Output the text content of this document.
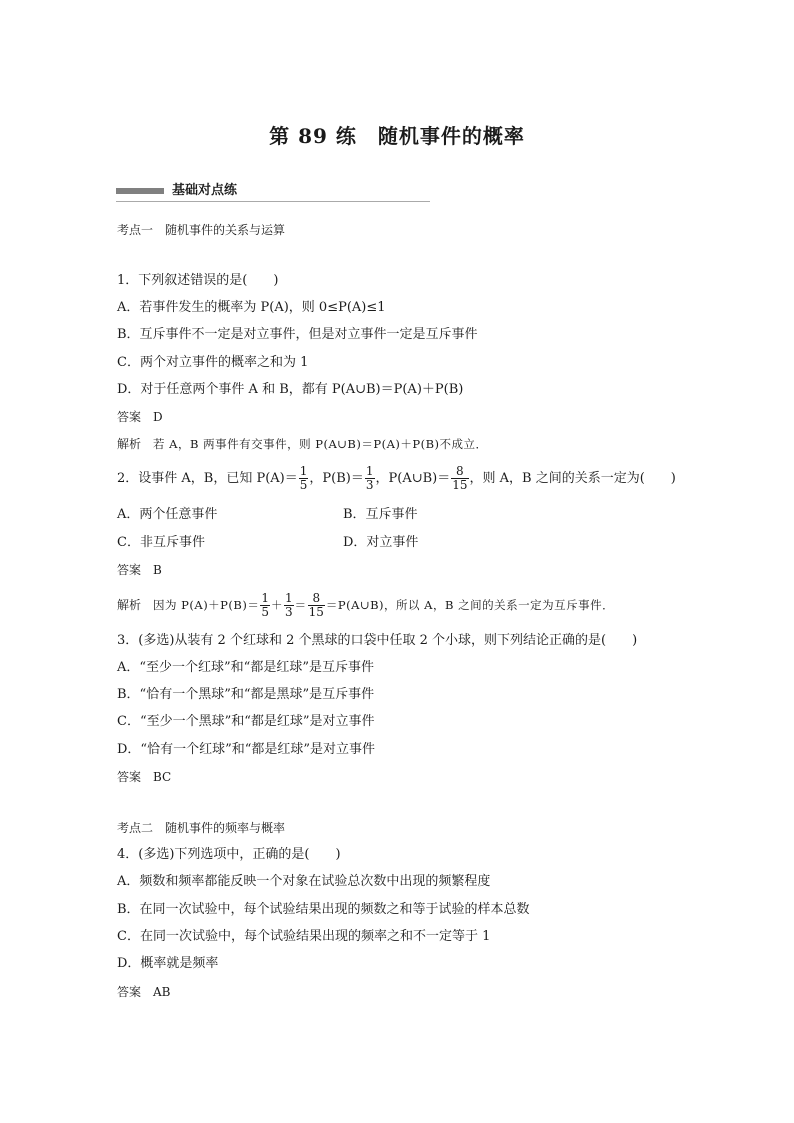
第 89 练　随机事件的概率
基础对点练
考点一　随机事件的关系与运算
1．下列叙述错误的是(　　)
A．若事件发生的概率为 P(A)，则 0≤P(A)≤1
B．互斥事件不一定是对立事件，但是对立事件一定是互斥事件
C．两个对立事件的概率之和为 1
D．对于任意两个事件 A 和 B，都有 P(A∪B)＝P(A)＋P(B)
答案 D
解析 若 A，B 两事件有交事件，则 P(A∪B)＝P(A)＋P(B)不成立．
2．设事件 A，B，已知 $P(A)= \frac{1}{5}$ ，$P(B)= \frac{1}{3}$ ，P(A∪B)＝ $\frac{8}{15}$ ，则 A，B 之间的关系一定为(　　)
A．两个任意事件	B．互斥事件
C．非互斥事件	D．对立事件
答案 B
解析 因为 $P(A)+P(B)= \frac{1}{5} + \frac{1}{3} = \frac{8}{15}$ ＝P(A∪B)，所以 A，B 之间的关系一定为互斥事件．
3．(多选)从装有 2 个红球和 2 个黑球的口袋中任取 2 个小球，则下列结论正确的是(　　)
A．“至少一个红球”和“都是红球”是互斥事件
B．“恰有一个黑球”和“都是黑球”是互斥事件
C．“至少一个黑球”和“都是红球”是对立事件
D．“恰有一个红球”和“都是红球”是对立事件
答案 BC
考点二　随机事件的频率与概率
4．(多选)下列选项中，正确的是(　　)
A．频数和频率都能反映一个对象在试验总次数中出现的频繁程度
B．在同一次试验中，每个试验结果出现的频数之和等于试验的样本总数
C．在同一次试验中，每个试验结果出现的频率之和不一定等于 1
D．概率就是频率
答案 AB
